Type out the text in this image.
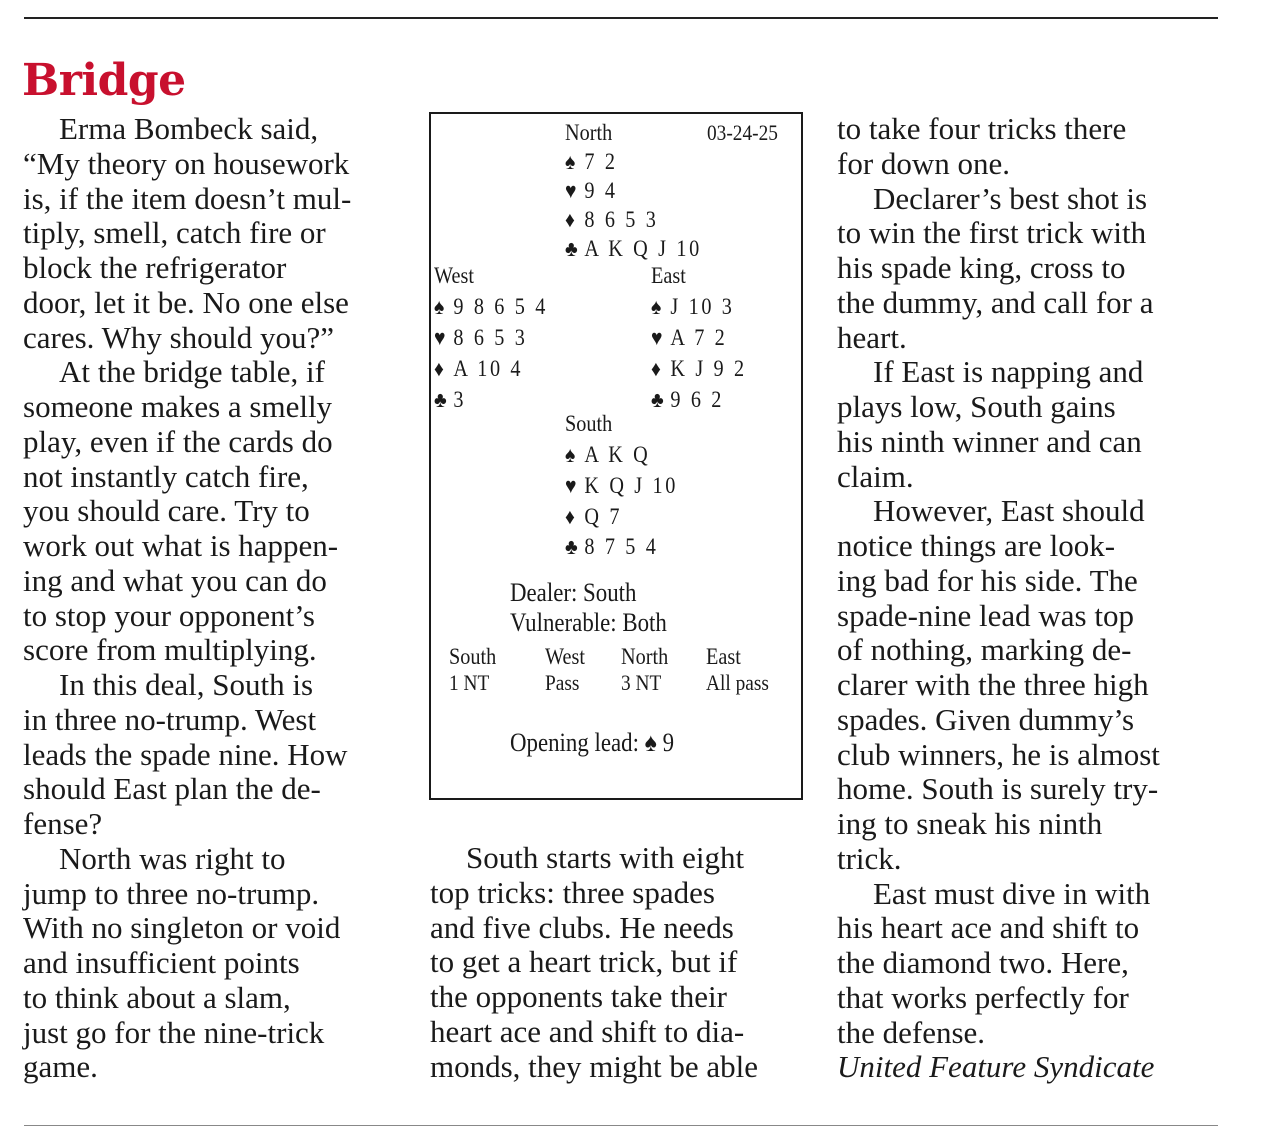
Bridge
Erma Bombeck said,
“My theory on housework
is, if the item doesn’t mul-
tiply, smell, catch fire or
block the refrigerator
door, let it be. No one else
cares. Why should you?”
At the bridge table, if
someone makes a smelly
play, even if the cards do
not instantly catch fire,
you should care. Try to
work out what is happen-
ing and what you can do
to stop your opponent’s
score from multiplying.
In this deal, South is
in three no-trump. West
leads the spade nine. How
should East plan the de-
fense?
North was right to
jump to three no-trump.
With no singleton or void
and insufficient points
to think about a slam,
just go for the nine-trick
game.
North	03-24-25
♠ 7 2
♥ 9 4
♦ 8 6 5 3
♣ A K Q J 10
West
♠ 9 8 6 5 4
♥ 8 6 5 3
♦ A 10 4
♣ 3
East
♠ J 10 3
♥ A 7 2
♦ K J 9 2
♣ 9 6 2
South
♠ A K Q
♥ K Q J 10
♦ Q 7
♣ 8 7 5 4
Dealer: South
Vulnerable: Both
South West North East
1 NT	Pass 3 NT All pass
Opening lead: ♠ 9
South starts with eight
top tricks: three spades
and five clubs. He needs
to get a heart trick, but if
the opponents take their
heart ace and shift to dia-
monds, they might be able
to take four tricks there
for down one.
Declarer’s best shot is
to win the first trick with
his spade king, cross to
the dummy, and call for a
heart.
If East is napping and
plays low, South gains
his ninth winner and can
claim.
However, East should
notice things are look-
ing bad for his side. The
spade-nine lead was top
of nothing, marking de-
clarer with the three high
spades. Given dummy’s
club winners, he is almost
home. South is surely try-
ing to sneak his ninth
trick.
East must dive in with
his heart ace and shift to
the diamond two. Here,
that works perfectly for
the defense.
United Feature Syndicate
